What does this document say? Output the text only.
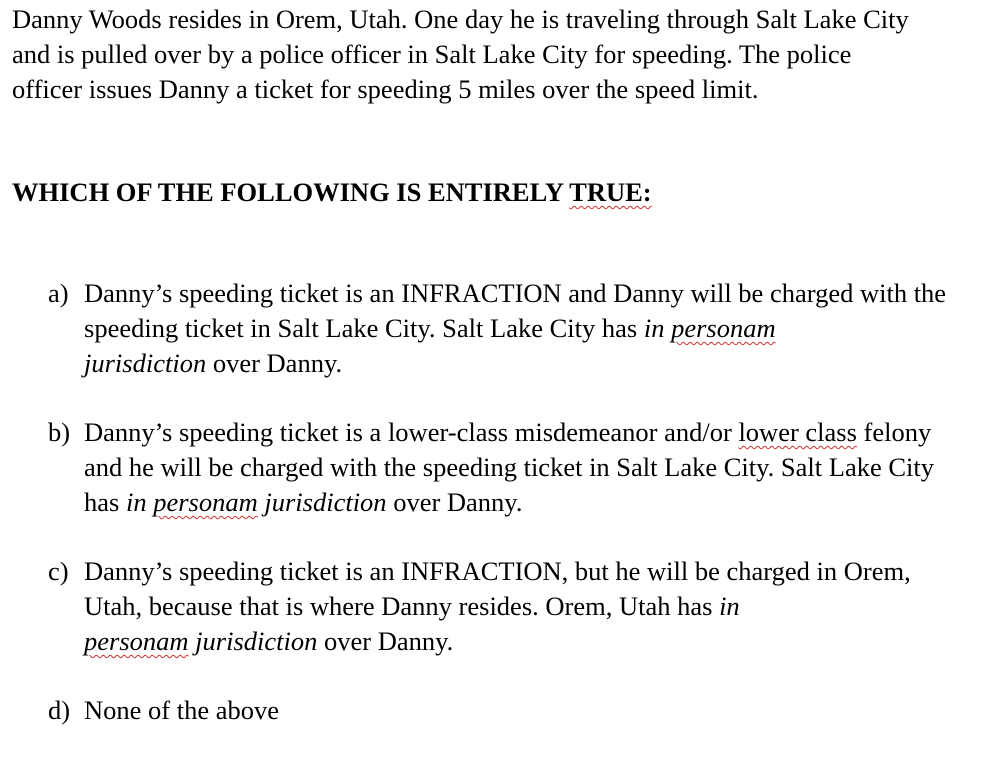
Danny Woods resides in Orem, Utah. One day he is traveling through Salt Lake City and is pulled over by a police officer in Salt Lake City for speeding. The police officer issues Danny a ticket for speeding 5 miles over the speed limit.

WHICH OF THE FOLLOWING IS ENTIRELY TRUE:

a) Danny’s speeding ticket is an INFRACTION and Danny will be charged with the speeding ticket in Salt Lake City. Salt Lake City has in personam
jurisdiction over Danny.
b) Danny’s speeding ticket is a lower-class misdemeanor and/or lower class felony and he will be charged with the speeding ticket in Salt Lake City. Salt Lake City has in personam jurisdiction over Danny.
c) Danny’s speeding ticket is an INFRACTION, but he will be charged in Orem, Utah, because that is where Danny resides. Orem, Utah has in
personam jurisdiction over Danny.
d) None of the above
